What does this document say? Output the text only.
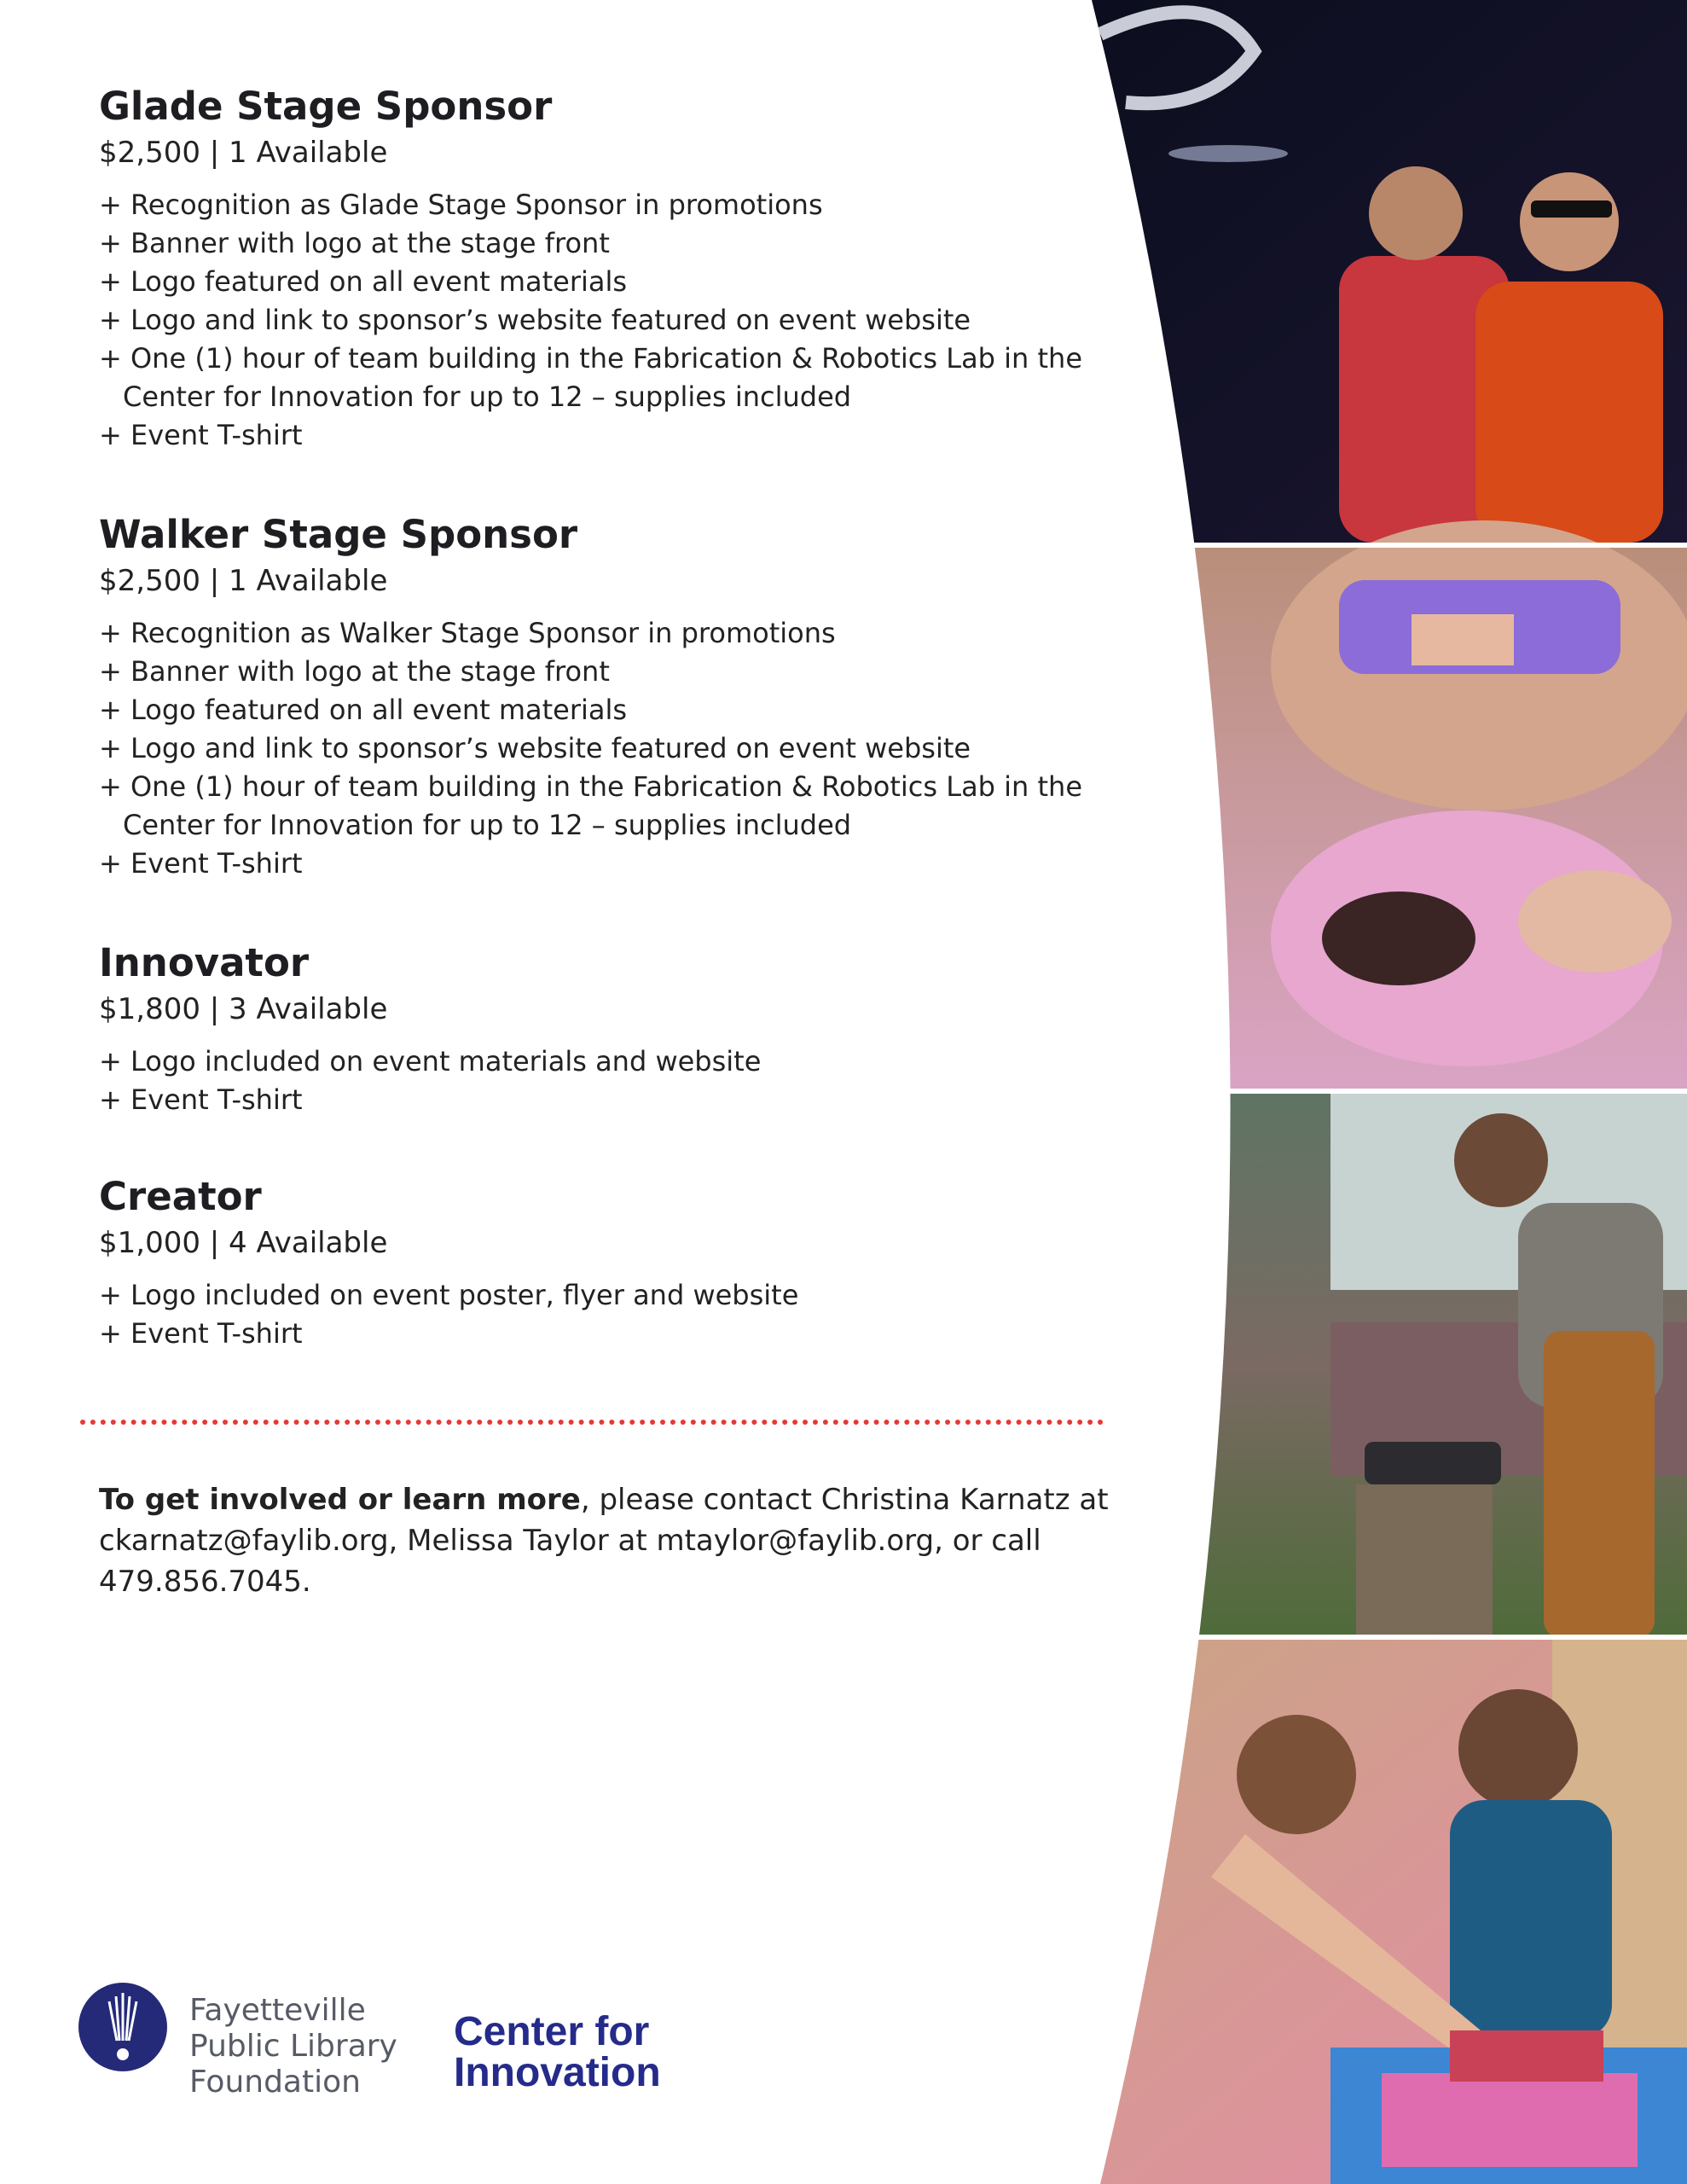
Glade Stage Sponsor
$2,500 | 1 Available
+ Recognition as Glade Stage Sponsor in promotions
+ Banner with logo at the stage front
+ Logo featured on all event materials
+ Logo and link to sponsor’s website featured on event website
+ One (1) hour of team building in the Fabrication & Robotics Lab in the Center for Innovation for up to 12 – supplies included
+ Event T-shirt
Walker Stage Sponsor
$2,500 | 1 Available
+ Recognition as Walker Stage Sponsor in promotions
+ Banner with logo at the stage front
+ Logo featured on all event materials
+ Logo and link to sponsor’s website featured on event website
+ One (1) hour of team building in the Fabrication & Robotics Lab in the Center for Innovation for up to 12 – supplies included
+ Event T-shirt
Innovator
$1,800 | 3 Available
+ Logo included on event materials and website
+ Event T-shirt
Creator
$1,000 | 4 Available
+ Logo included on event poster, flyer and website
+ Event T-shirt
To get involved or learn more, please contact Christina Karnatz at ckarnatz@faylib.org, Melissa Taylor at mtaylor@faylib.org, or call 479.856.7045.
Fayetteville
Public Library
Foundation
Center for
Innovation
